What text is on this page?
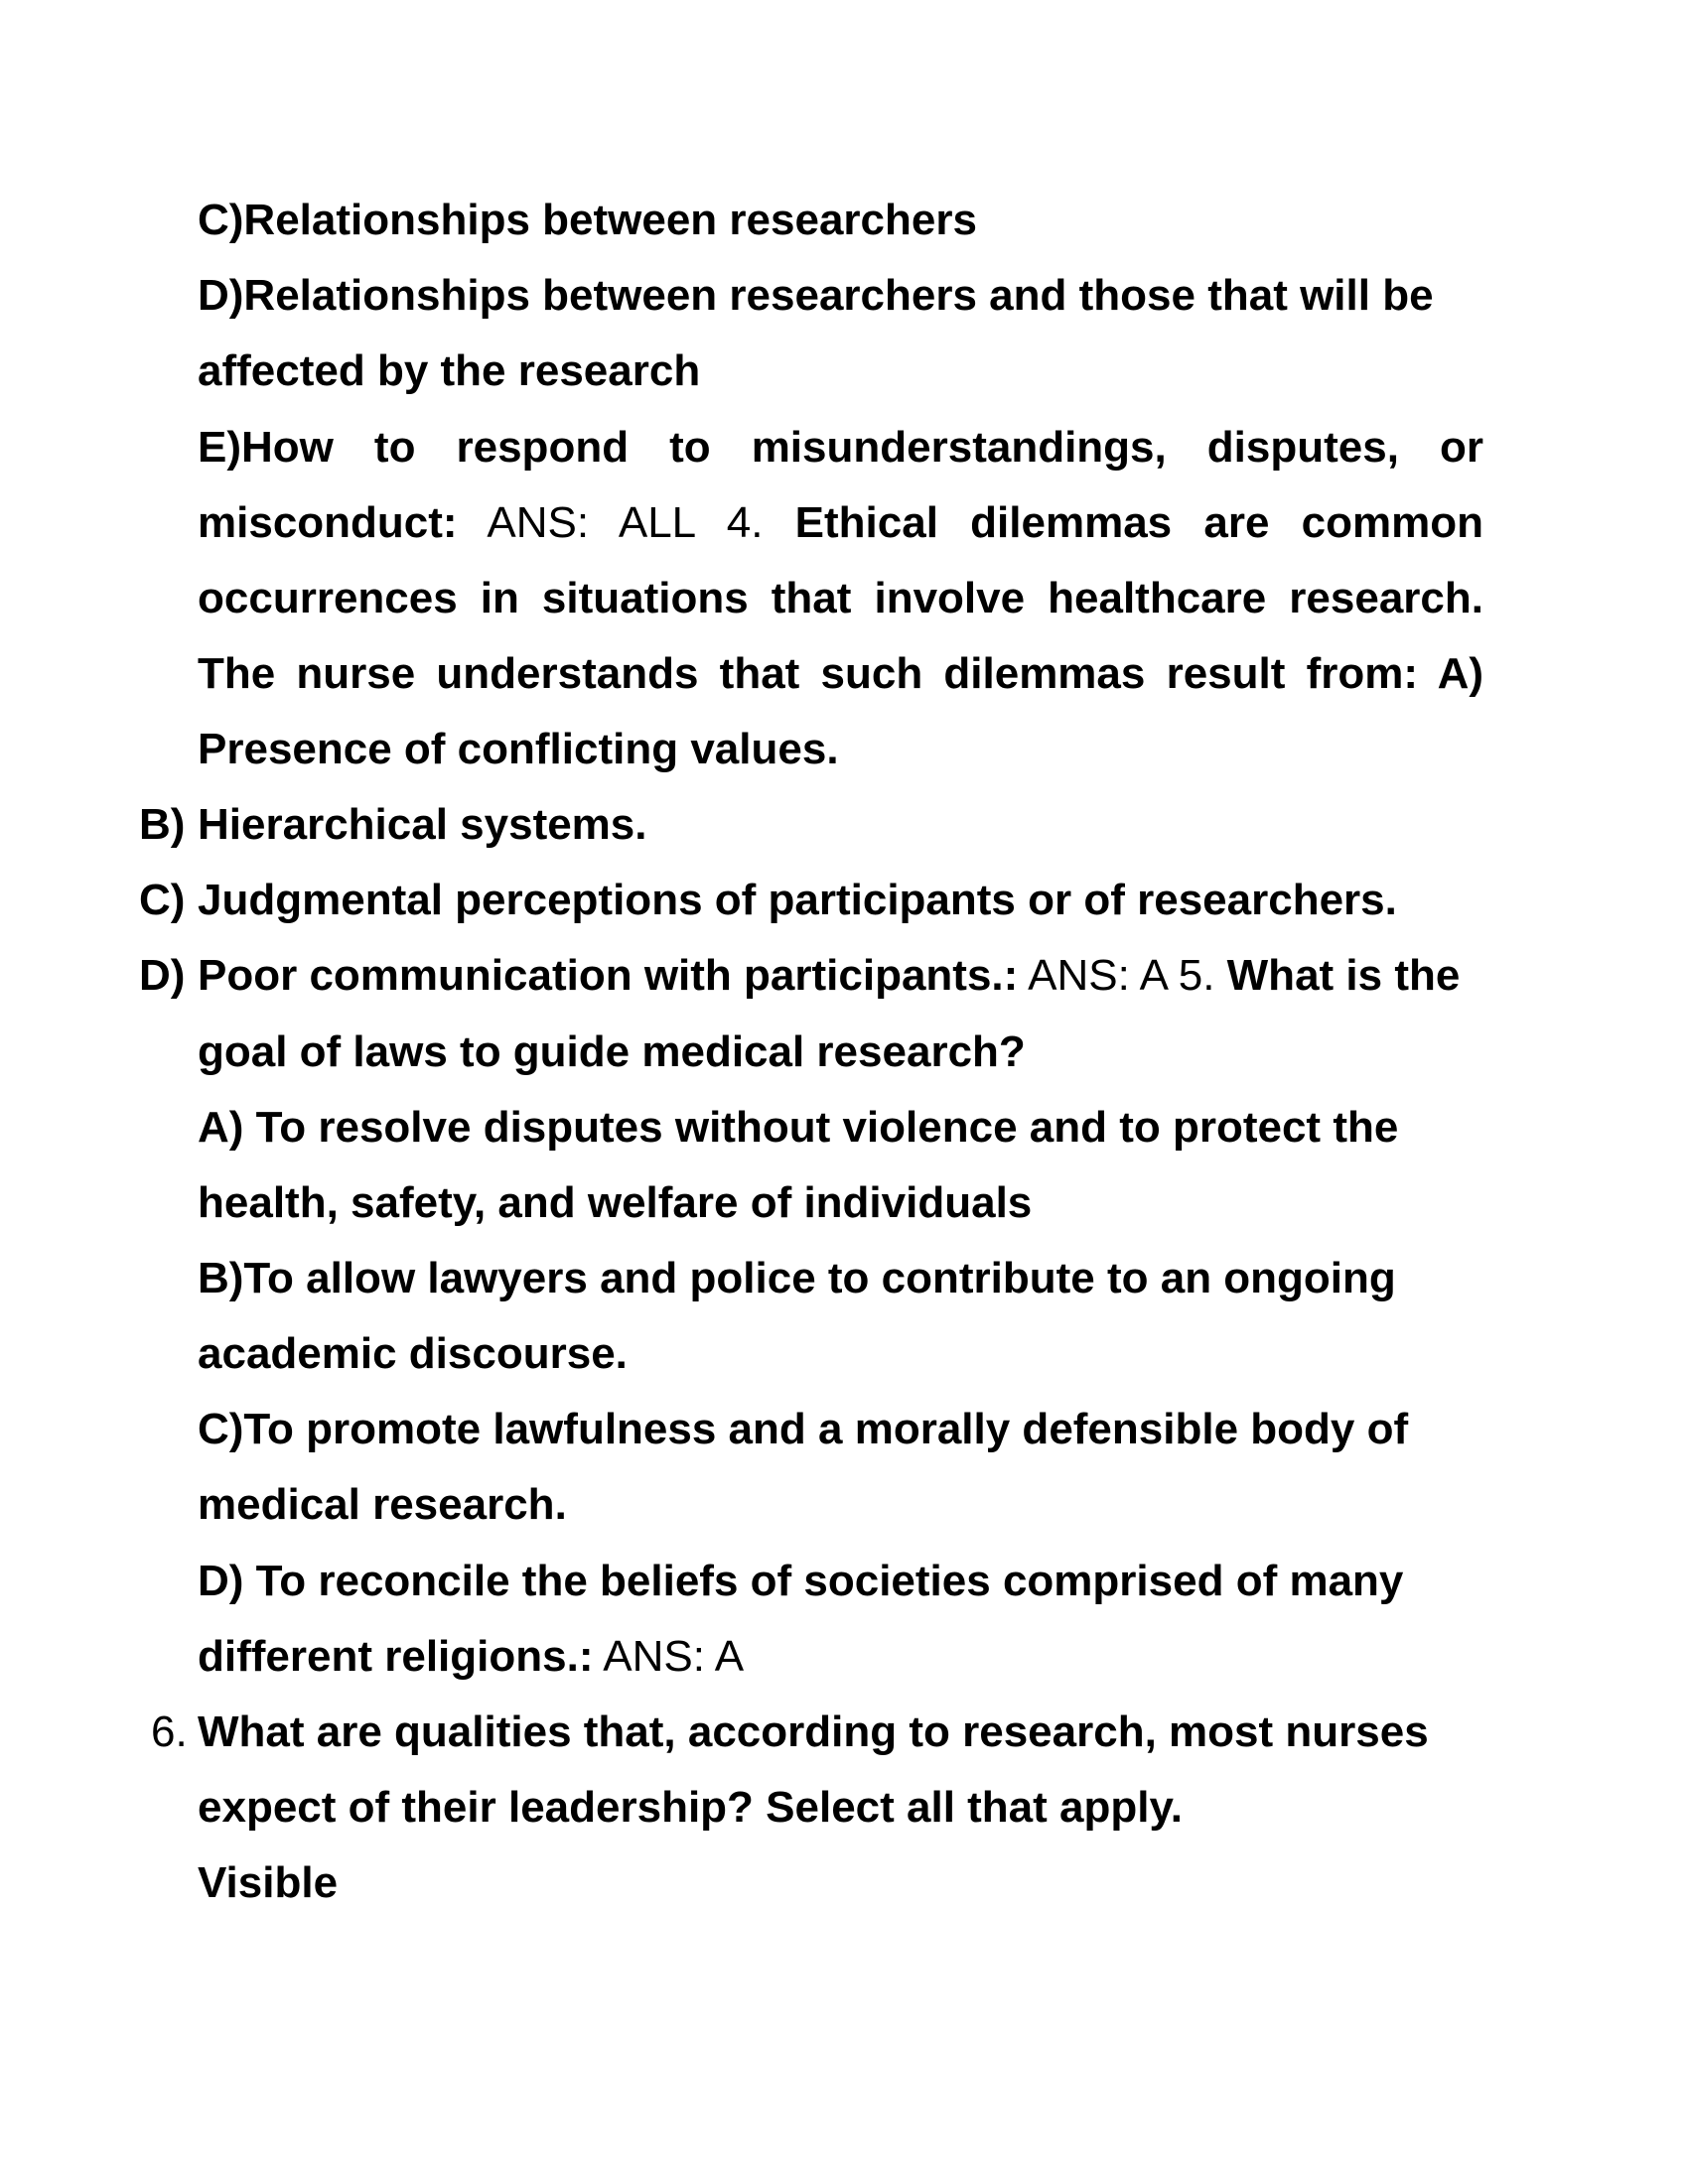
C)Relationships between researchers
D)Relationships between researchers and those that will be
affected by the research
E)How to respond to misunderstandings, disputes, or
misconduct: ANS: ALL 4. Ethical dilemmas are common
occurrences in situations that involve healthcare research.
The nurse understands that such dilemmas result from: A)
Presence of conflicting values.
B) Hierarchical systems.
C) Judgmental perceptions of participants or of researchers.
D) Poor communication with participants.: ANS: A 5. What is the
goal of laws to guide medical research?
A) To resolve disputes without violence and to protect the
health, safety, and welfare of individuals
B)To allow lawyers and police to contribute to an ongoing
academic discourse.
C)To promote lawfulness and a morally defensible body of
medical research.
D) To reconcile the beliefs of societies comprised of many
different religions.: ANS: A
6. What are qualities that, according to research, most nurses
expect of their leadership? Select all that apply.
Visible
